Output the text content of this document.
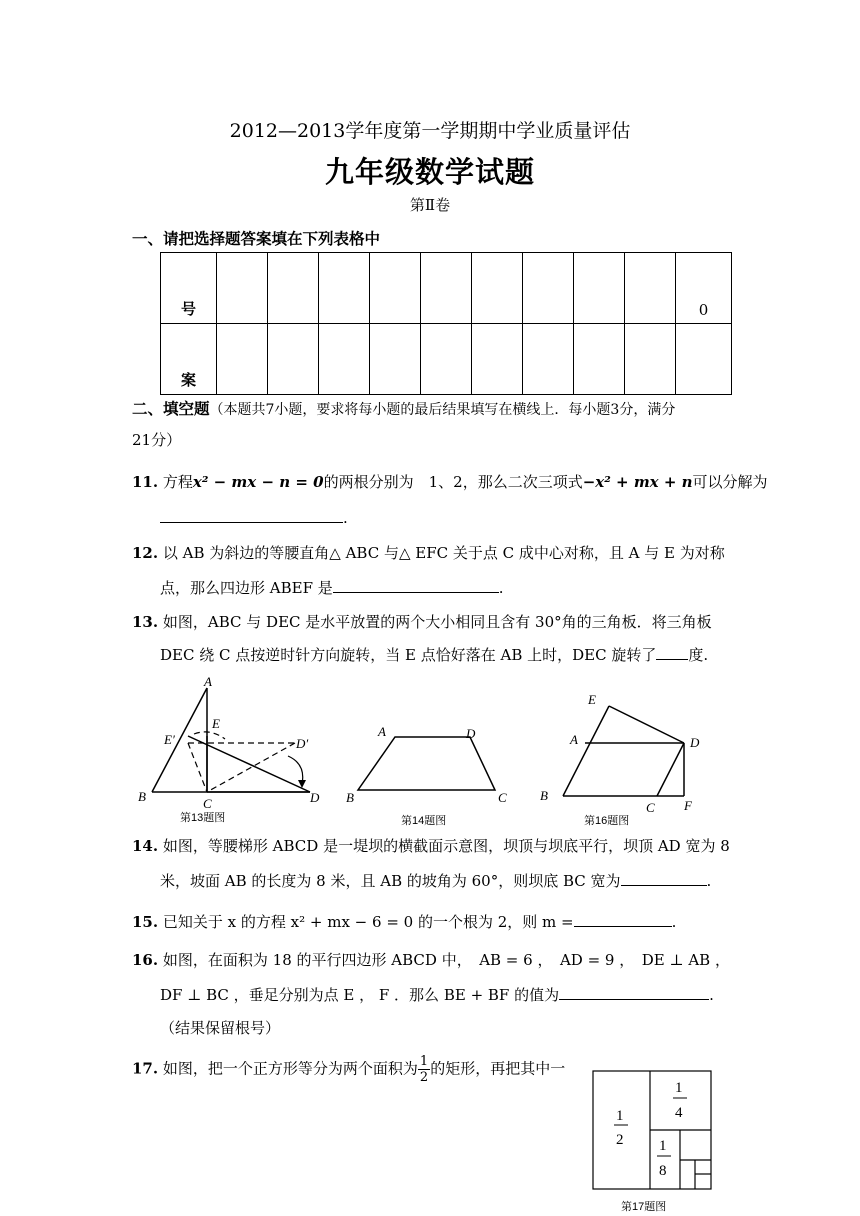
2012—2013学年度第一学期期中学业质量评估
九年级数学试题
第Ⅱ卷
一、请把选择题答案填在下列表格中
号										0
案										
二、填空题（本题共7小题，要求将每小题的最后结果填写在横线上．每小题3分，满分
21分）
11. 方程x² − mx − n = 0的两根分别为　1、2，那么二次三项式−x² + mx + n可以分解为
.
12. 以 AB 为斜边的等腰直角△ ABC 与△ EFC 关于点 C 成中心对称，且 A 与 E 为对称
点，那么四边形 ABEF 是	.
13. 如图，ABC 与 DEC 是水平放置的两个大小相同且含有 30°角的三角板．将三角板
DEC 绕 C 点按逆时针方向旋转，当 E 点恰好落在 AB 上时，DEC 旋转了 度.
A
E
E′	D′
B	C	D
第13题图
A	D
B	C
第14题图
E
A	D
B
C F
第16题图
14. 如图，等腰梯形 ABCD 是一堤坝的横截面示意图，坝顶与坝底平行，坝顶 AD 宽为 8
米，坡面 AB 的长度为 8 米，且 AB 的坡角为 60°，则坝底 BC 宽为	.
15. 已知关于 x 的方程 x² + mx − 6 = 0 的一个根为 2，则 m =	.
16. 如图，在面积为 18 的平行四边形 ABCD 中，　AB = 6 ，　AD = 9 ，　DE ⊥ AB ，
DF ⊥ BC ，垂足分别为点 E ， F ．那么 BE + BF 的值为	.
（结果保留根号）
17. 如图，把一个正方形等分为两个面积为 $\frac{1}{2}$ 的矩形，再把其中一
1
2
1
4
1
8
第17题图
